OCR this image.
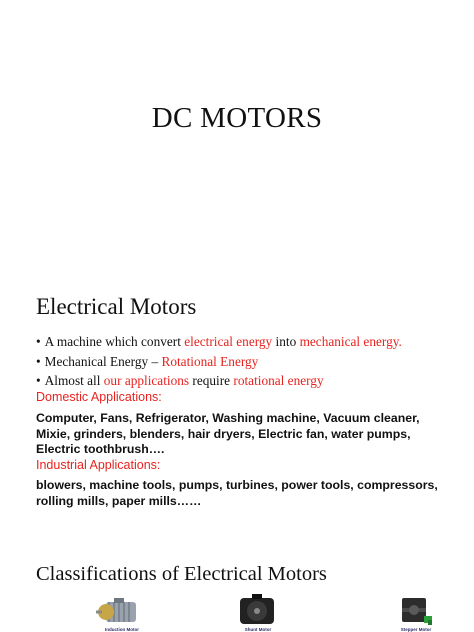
DC MOTORS
Electrical Motors
• A machine which convert electrical energy into mechanical energy.
• Mechanical Energy – Rotational Energy
• Almost all our applications require rotational energy
Domestic Applications:
Computer, Fans, Refrigerator, Washing machine, Vacuum cleaner, Mixie, grinders, blenders, hair dryers, Electric fan, water pumps, Electric toothbrush….
Industrial Applications:
blowers, machine tools, pumps, turbines, power tools, compressors, rolling mills, paper mills……
Classifications of Electrical Motors
Induction Motor	Shunt Motor	Stepper Motor
